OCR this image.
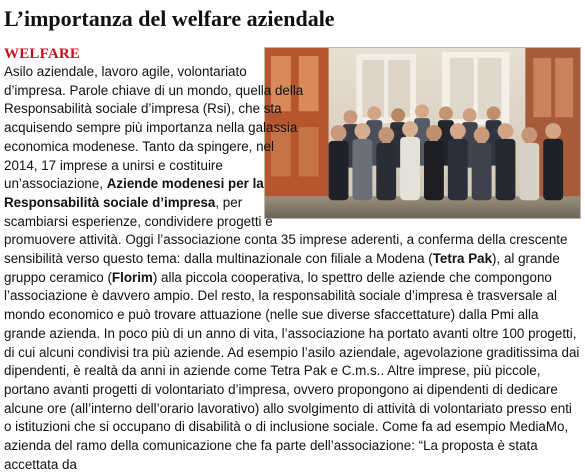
L’importanza del welfare aziendale
WELFARE

Asilo aziendale, lavoro agile, volontariato d’impresa. Parole chiave di un mondo, quella della Responsabilità sociale d’impresa (Rsi), che sta acquisendo sempre più importanza nella galassia economica modenese. Tanto da spingere, nel 2014, 17 imprese a unirsi e costituire un’associazione, Aziende modenesi per la Responsabilità sociale d’impresa, per scambiarsi esperienze, condividere progetti e promuovere attività. Oggi l’associazione conta 35 imprese aderenti, a conferma della crescente sensibilità verso questo tema: dalla multinazionale con filiale a Modena (Tetra Pak), al grande gruppo ceramico (Florim) alla piccola cooperativa, lo spettro delle aziende che compongono l’associazione è davvero ampio. Del resto, la responsabilità sociale d’impresa è trasversale al mondo economico e può trovare attuazione (nelle sue diverse sfaccettature) dalla Pmi alla grande azienda. In poco più di un anno di vita, l’associazione ha portato avanti oltre 100 progetti, di cui alcuni condivisi tra più aziende. Ad esempio l’asilo aziendale, agevolazione graditissima dai dipendenti, è realtà da anni in aziende come Tetra Pak e C.m.s.. Altre imprese, più piccole, portano avanti progetti di volontariato d’impresa, ovvero propongono ai dipendenti di dedicare alcune ore (all’interno dell’orario lavorativo) allo svolgimento di attività di volontariato presso enti o istituzioni che si occupano di disabilità o di inclusione sociale. Come fa ad esempio MediaMo, azienda del ramo della comunicazione che fa parte dell’associazione: “La proposta è stata accettata da
